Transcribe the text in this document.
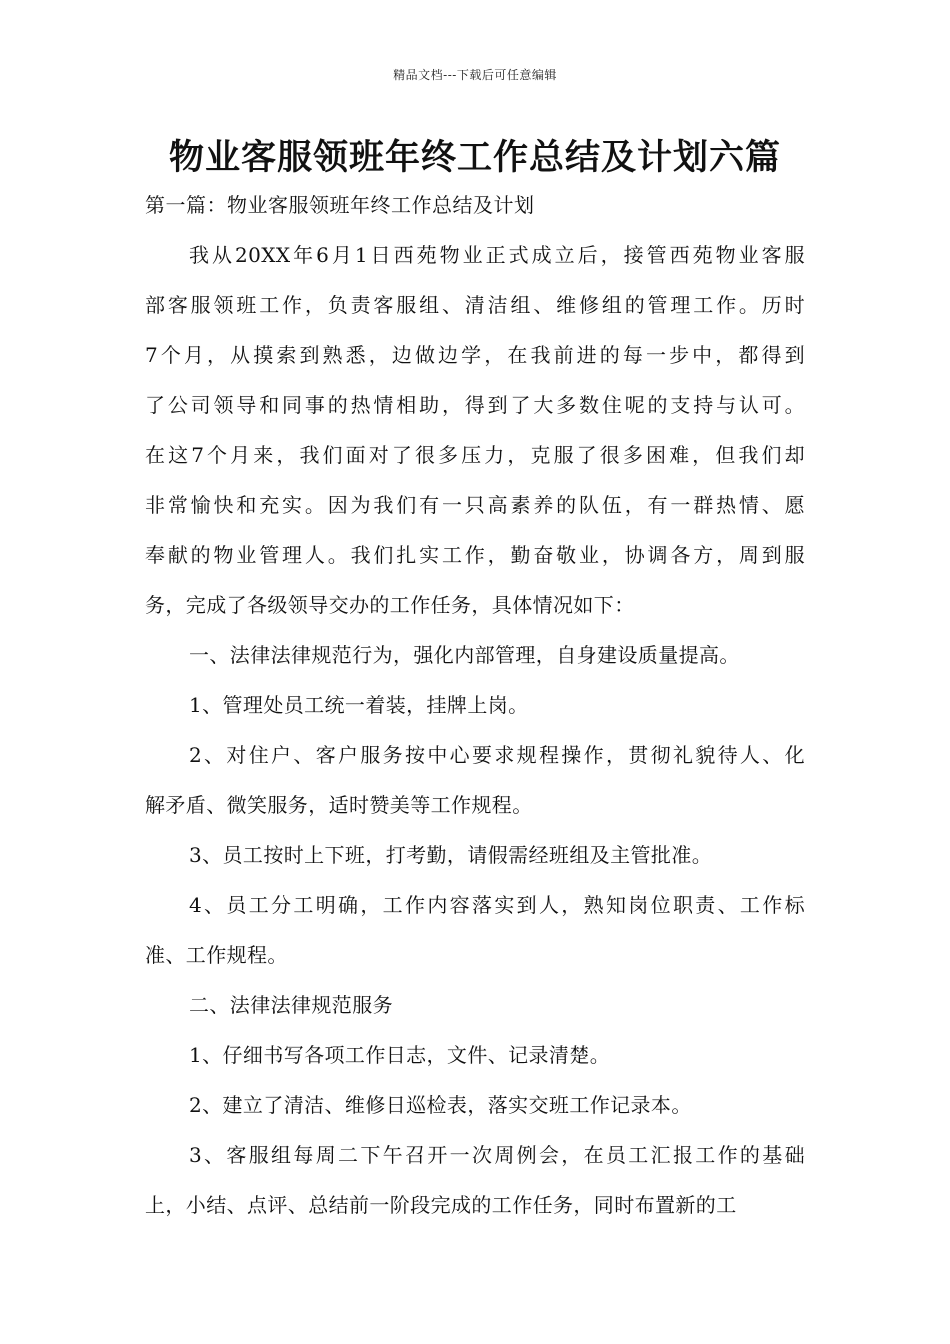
精品文档---下载后可任意编辑
物业客服领班年终工作总结及计划六篇
第一篇：物业客服领班年终工作总结及计划

我从20XX年6月1日西苑物业正式成立后，接管西苑物业客服
部客服领班工作，负责客服组、清洁组、维修组的管理工作。历时
7个月，从摸索到熟悉，边做边学，在我前进的每一步中，都得到
了公司领导和同事的热情相助，得到了大多数住呢的支持与认可。
在这7个月来，我们面对了很多压力，克服了很多困难，但我们却
非常愉快和充实。因为我们有一只高素养的队伍，有一群热情、愿
奉献的物业管理人。我们扎实工作，勤奋敬业，协调各方，周到服
务，完成了各级领导交办的工作任务，具体情况如下：

一、法律法律规范行为，强化内部管理，自身建设质量提高。

1、管理处员工统一着装，挂牌上岗。

2、对住户、客户服务按中心要求规程操作，贯彻礼貌待人、化
解矛盾、微笑服务，适时赞美等工作规程。

3、员工按时上下班，打考勤，请假需经班组及主管批准。

4、员工分工明确，工作内容落实到人，熟知岗位职责、工作标
准、工作规程。

二、法律法律规范服务

1、仔细书写各项工作日志，文件、记录清楚。

2、建立了清洁、维修日巡检表，落实交班工作记录本。

3、客服组每周二下午召开一次周例会，在员工汇报工作的基础
上，小结、点评、总结前一阶段完成的工作任务，同时布置新的工
